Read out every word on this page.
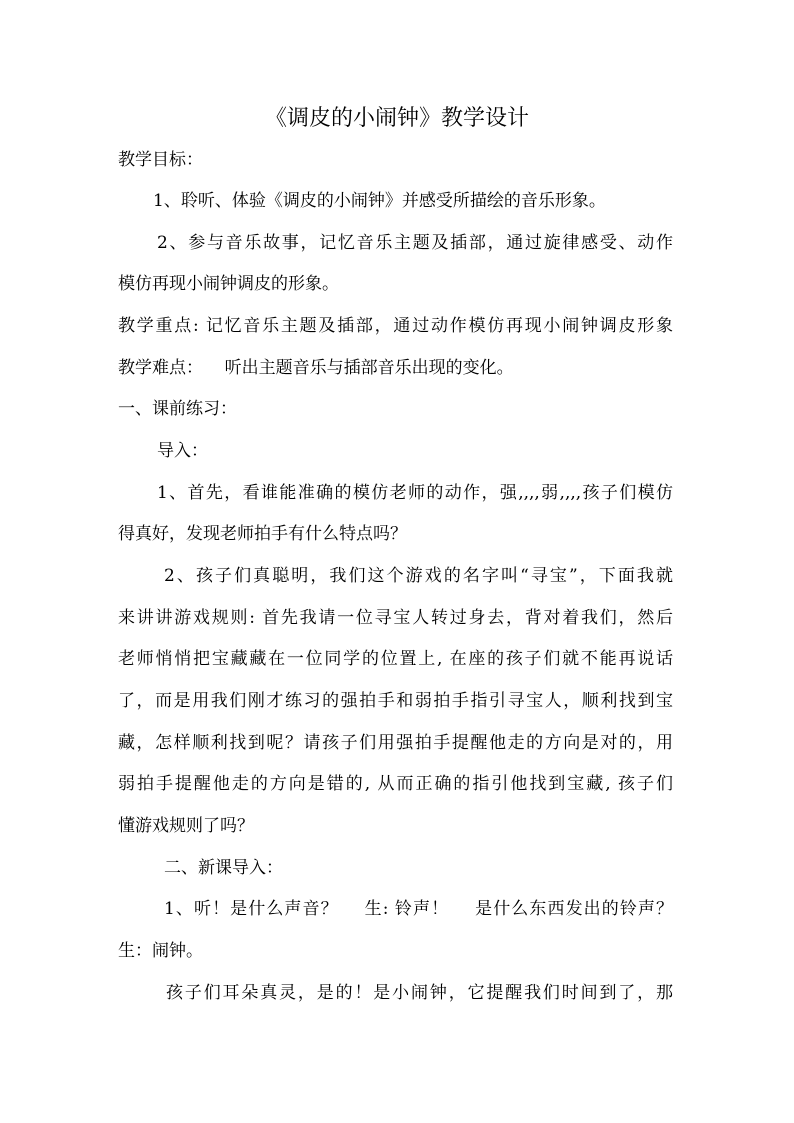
《调皮的小闹钟》教学设计
教学目标：
1、聆听、体验《调皮的小闹钟》并感受所描绘的音乐形象。
2、参与音乐故事，记忆音乐主题及插部，通过旋律感受、动作
模仿再现小闹钟调皮的形象。
教学重点: 记忆音乐主题及插部，通过动作模仿再现小闹钟调皮形象
教学难点：    听出主题音乐与插部音乐出现的变化。
一、课前练习：
导入：
1、首先，看谁能准确的模仿老师的动作，强,,,,弱,,,,孩子们模仿
得真好，发现老师拍手有什么特点吗？
2、孩子们真聪明，我们这个游戏的名字叫“寻宝”，下面我就
来讲讲游戏规则: 首先我请一位寻宝人转过身去，背对着我们，然后
老师悄悄把宝藏藏在一位同学的位置上, 在座的孩子们就不能再说话
了，而是用我们刚才练习的强拍手和弱拍手指引寻宝人，顺利找到宝
藏，怎样顺利找到呢？请孩子们用强拍手提醒他走的方向是对的，用
弱拍手提醒他走的方向是错的, 从而正确的指引他找到宝藏, 孩子们
懂游戏规则了吗？
二、新课导入：
1、听！是什么声音？    生: 铃声！    是什么东西发出的铃声？
生：闹钟。
孩子们耳朵真灵，是的！是小闹钟，它提醒我们时间到了，那
